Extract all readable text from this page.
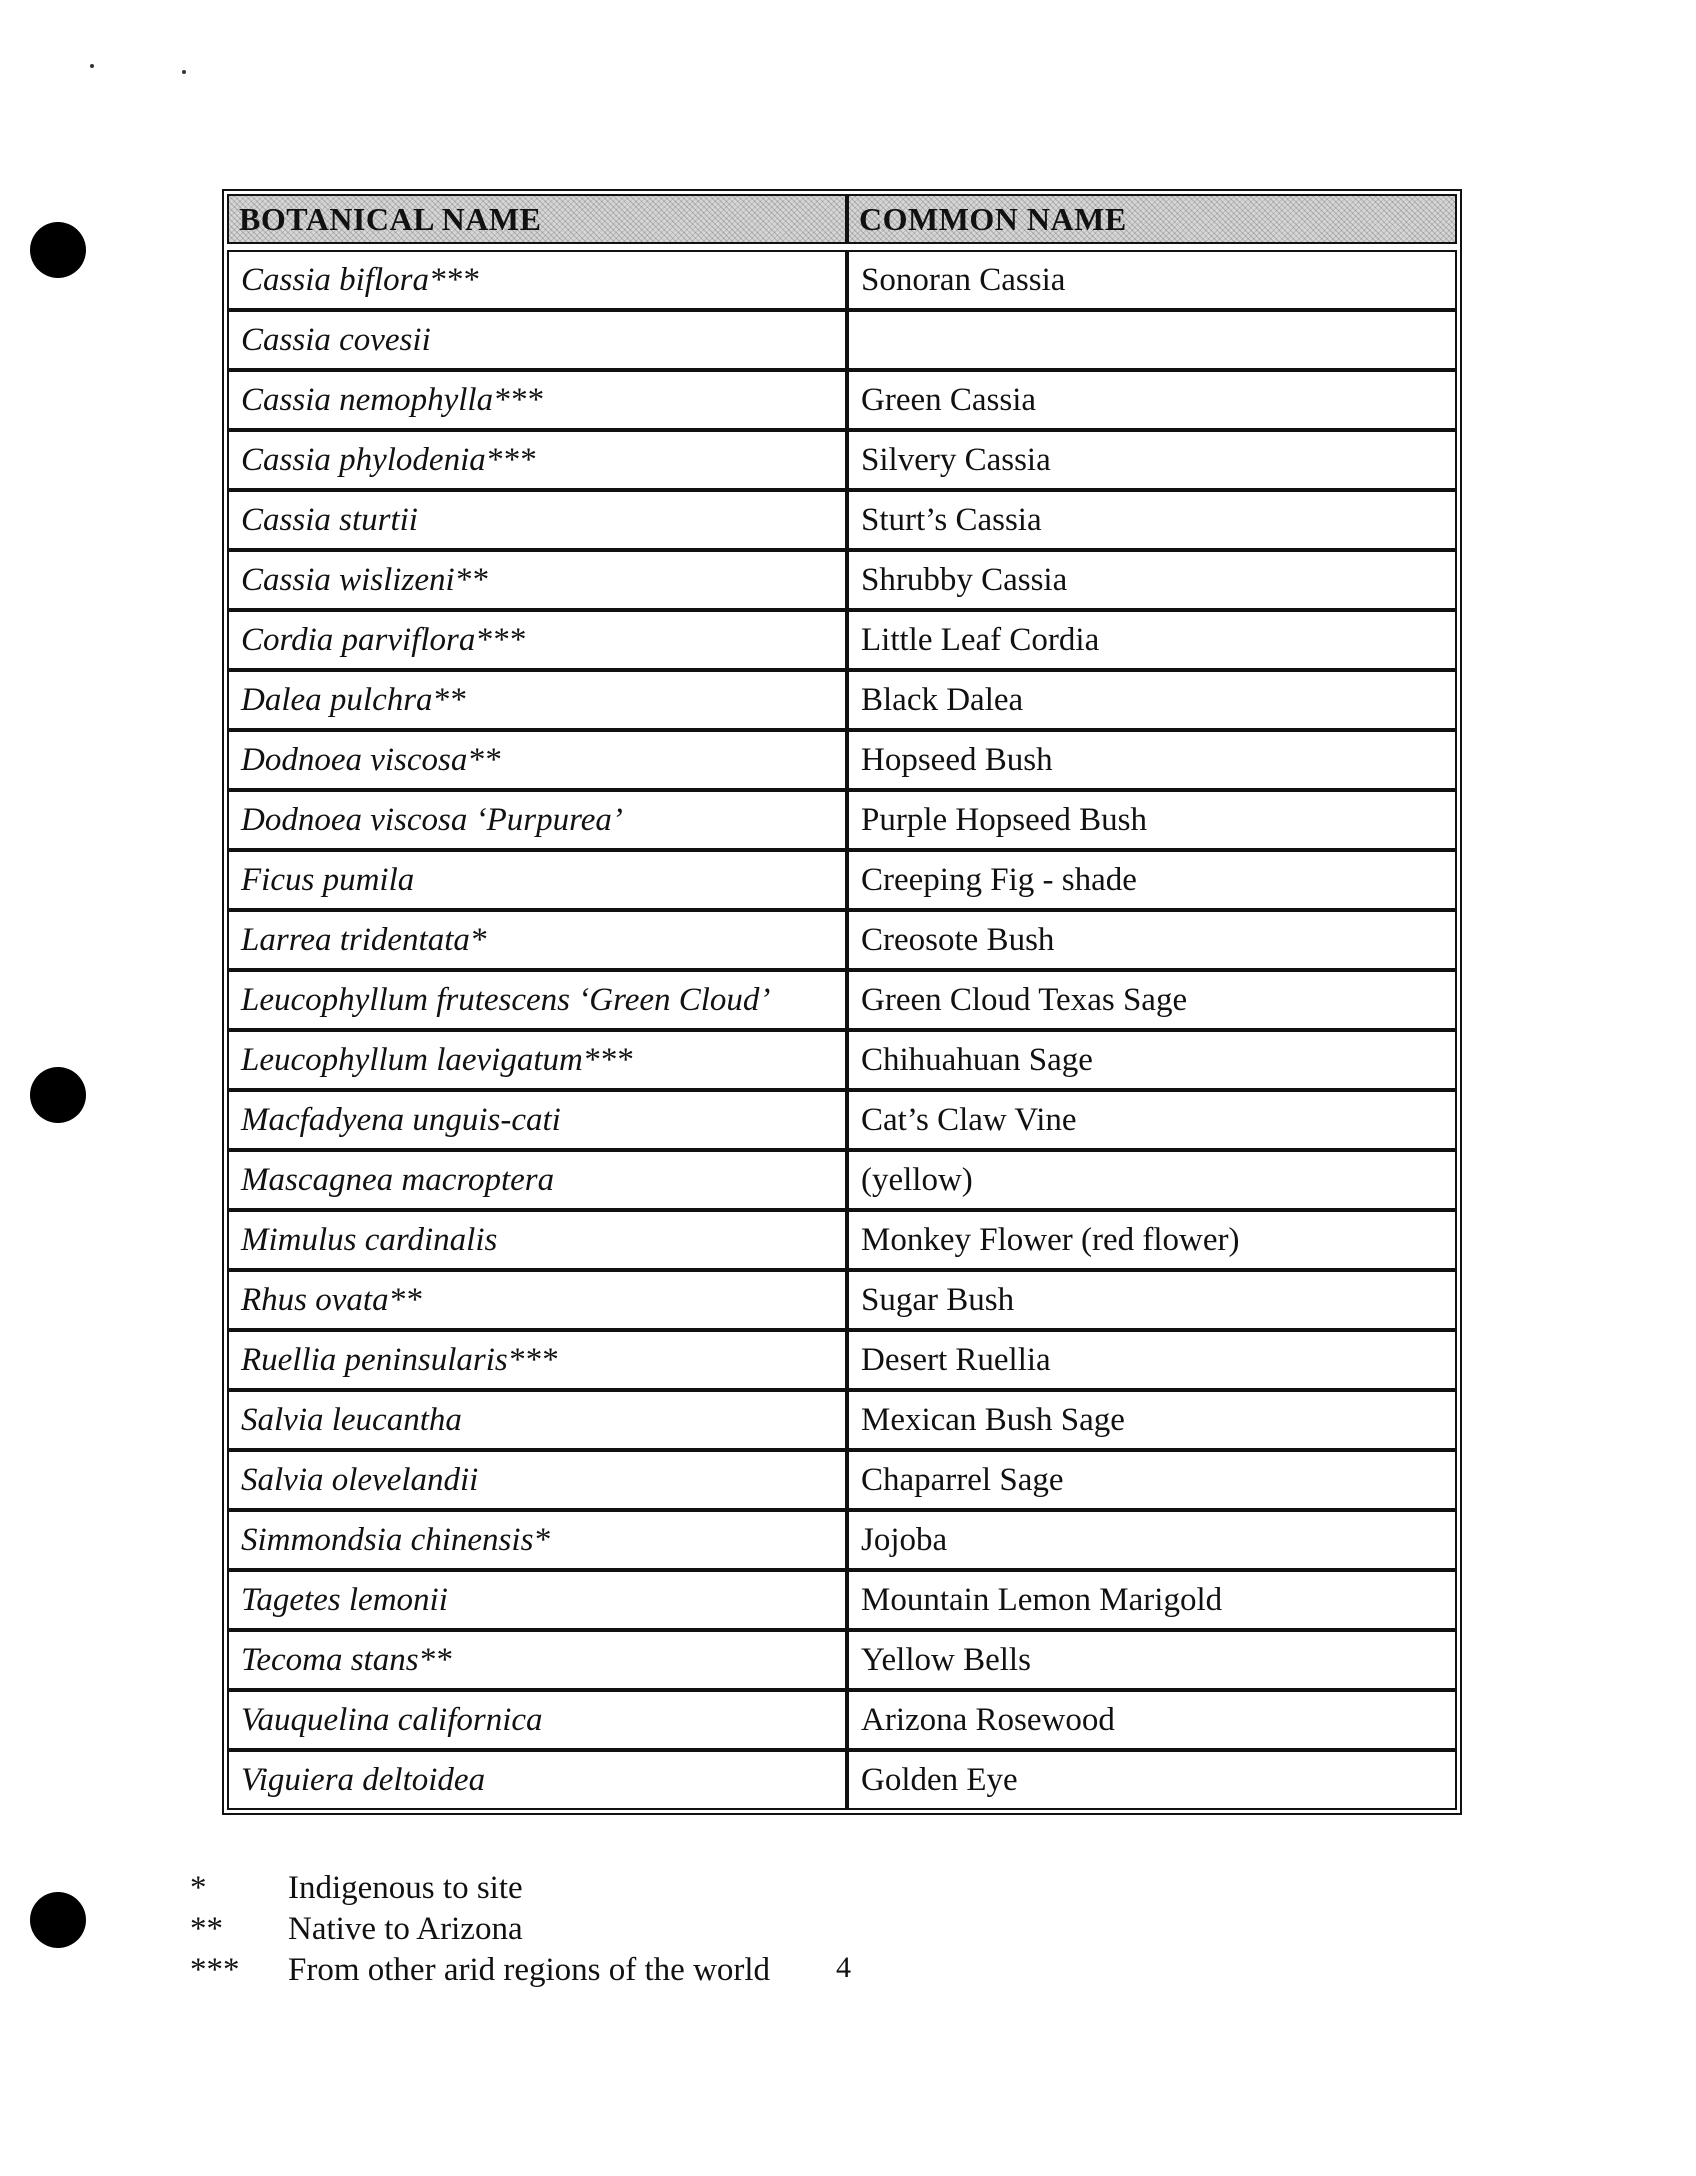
BOTANICAL NAME	COMMON NAME

Cassia biflora***	Sonoran Cassia
Cassia covesii	
Cassia nemophylla***	Green Cassia
Cassia phylodenia***	Silvery Cassia
Cassia sturtii	Sturt’s Cassia
Cassia wislizeni**	Shrubby Cassia
Cordia parviflora***	Little Leaf Cordia
Dalea pulchra**	Black Dalea
Dodnoea viscosa**	Hopseed Bush
Dodnoea viscosa ‘Purpurea’	Purple Hopseed Bush
Ficus pumila	Creeping Fig - shade
Larrea tridentata*	Creosote Bush
Leucophyllum frutescens ‘Green Cloud’	Green Cloud Texas Sage
Leucophyllum laevigatum***	Chihuahuan Sage
Macfadyena unguis-cati	Cat’s Claw Vine
Mascagnea macroptera	(yellow)
Mimulus cardinalis	Monkey Flower (red flower)
Rhus ovata**	Sugar Bush
Ruellia peninsularis***	Desert Ruellia
Salvia leucantha	Mexican Bush Sage
Salvia olevelandii	Chaparrel Sage
Simmondsia chinensis*	Jojoba
Tagetes lemonii	Mountain Lemon Marigold
Tecoma stans**	Yellow Bells
Vauquelina californica	Arizona Rosewood
Viguiera deltoidea	Golden Eye
*	Indigenous to site
**	Native to Arizona
***	From other arid regions of the world 4
